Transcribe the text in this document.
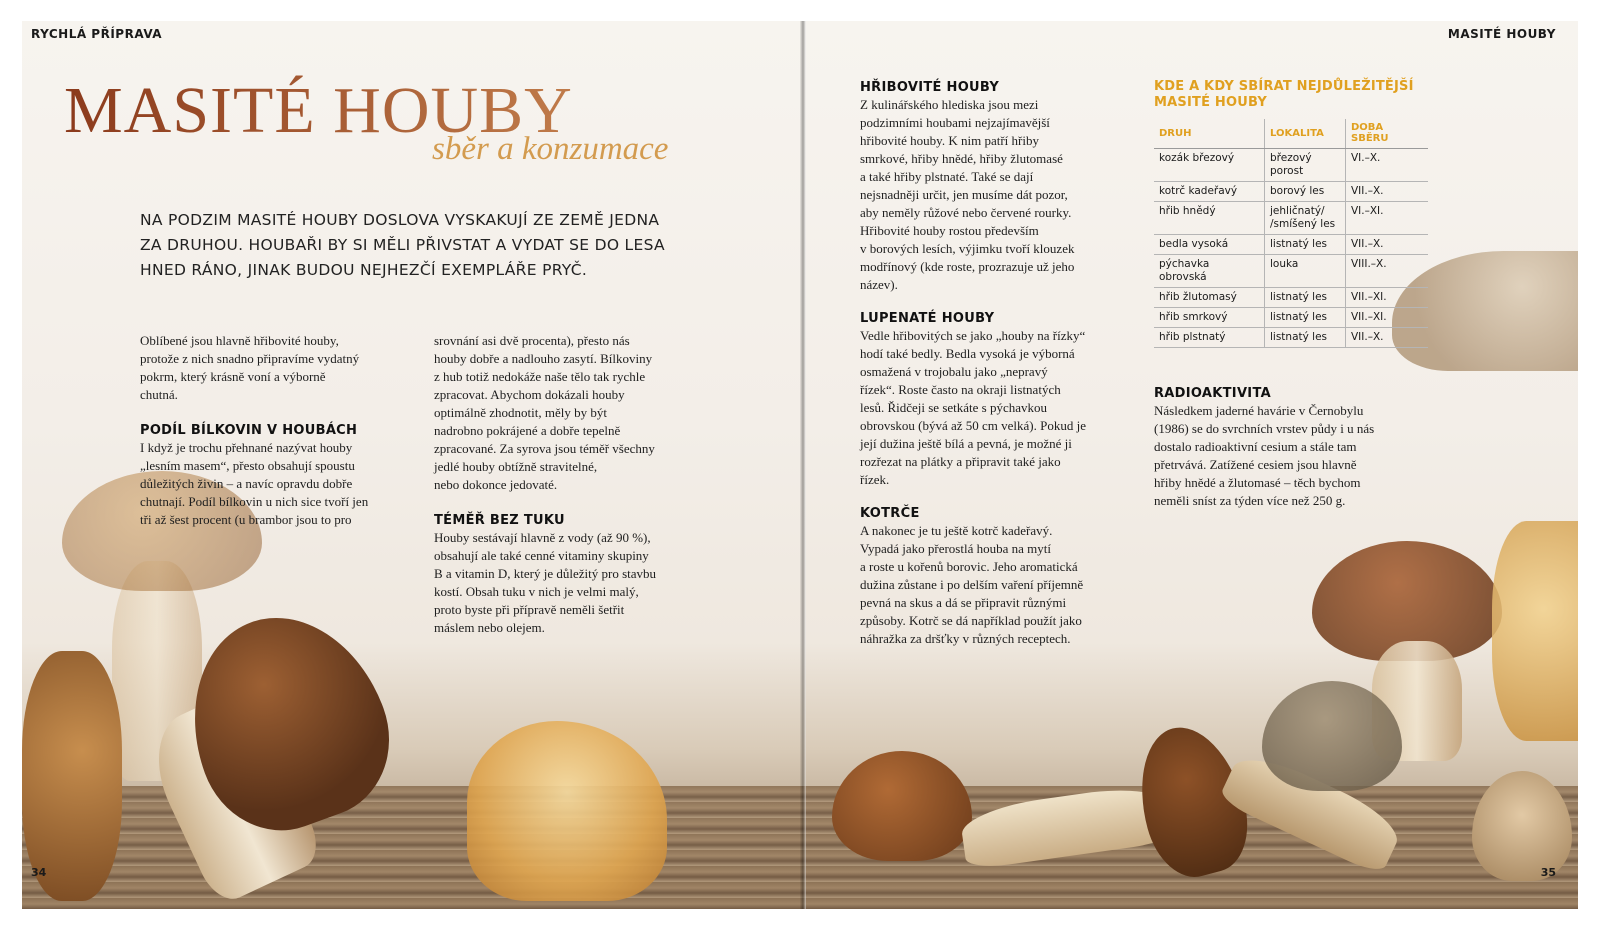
RYCHLÁ PŘÍPRAVA	MASITÉ HOUBY
34	35
MASITÉ HOUBY
sběr a konzumace
NA PODZIM MASITÉ HOUBY DOSLOVA VYSKAKUJÍ ZE ZEMĚ JEDNA
ZA DRUHOU. HOUBAŘI BY SI MĚLI PŘIVSTAT A VYDAT SE DO LESA
HNED RÁNO, JINAK BUDOU NEJHEZČÍ EXEMPLÁŘE PRYČ.

Oblíbené jsou hlavně hřibovité houby,
protože z nich snadno připravíme vydatný
pokrm, který krásně voní a výborně
chutná.

PODÍL BÍLKOVIN V HOUBÁCH

I když je trochu přehnané nazývat houby
„lesním masem“, přesto obsahují spoustu
důležitých živin – a navíc opravdu dobře
chutnají. Podíl bílkovin u nich sice tvoří jen
tři až šest procent (u brambor jsou to pro

srovnání asi dvě procenta), přesto nás
houby dobře a nadlouho zasytí. Bílkoviny
z hub totiž nedokáže naše tělo tak rychle
zpracovat. Abychom dokázali houby
optimálně zhodnotit, měly by být
nadrobno pokrájené a dobře tepelně
zpracované. Za syrova jsou téměř všechny
jedlé houby obtížně stravitelné,
nebo dokonce jedovaté.

TÉMĚŘ BEZ TUKU

Houby sestávají hlavně z vody (až 90 %),
obsahují ale také cenné vitaminy skupiny
B a vitamin D, který je důležitý pro stavbu
kostí. Obsah tuku v nich je velmi malý,
proto byste při přípravě neměli šetřit
máslem nebo olejem.

HŘIBOVITÉ HOUBY

Z kulinářského hlediska jsou mezi
podzimními houbami nejzajímavější
hřibovité houby. K nim patří hřiby
smrkové, hřiby hnědé, hřiby žlutomasé
a také hřiby plstnaté. Také se dají
nejsnadněji určit, jen musíme dát pozor,
aby neměly růžové nebo červené rourky.
Hřibovité houby rostou především
v borových lesích, výjimku tvoří klouzek
modřínový (kde roste, prozrazuje už jeho
název).

LUPENATÉ HOUBY

Vedle hřibovitých se jako „houby na řízky“
hodí také bedly. Bedla vysoká je výborná
osmažená v trojobalu jako „nepravý
řízek“. Roste často na okraji listnatých
lesů. Řidčeji se setkáte s pýchavkou
obrovskou (bývá až 50 cm velká). Pokud je
její dužina ještě bílá a pevná, je možné ji
rozřezat na plátky a připravit také jako
řízek.

KOTRČE

A nakonec je tu ještě kotrč kadeřavý.
Vypadá jako přerostlá houba na mytí
a roste u kořenů borovic. Jeho aromatická
dužina zůstane i po delším vaření příjemně
pevná na skus a dá se připravit různými
způsoby. Kotrč se dá například použít jako
náhražka za dršťky v různých receptech.

KDE A KDY SBÍRAT NEJDŮLEŽITĚJŠÍ MASITÉ HOUBY
DRUH	LOKALITA	DOBA SBĚRU
kozák březový	březový porost	VI.–X.
kotrč kadeřavý	borový les	VII.–X.
hřib hnědý	jehličnatý/ /smíšený les	VI.–XI.
bedla vysoká	listnatý les	VII.–X.
pýchavka obrovská	louka	VIII.–X.
hřib žlutomasý	listnatý les	VII.–XI.
hřib smrkový	listnatý les	VII.–XI.
hřib plstnatý	listnatý les	VII.–X.
RADIOAKTIVITA

Následkem jaderné havárie v Černobylu
(1986) se do svrchních vrstev půdy i u nás
dostalo radioaktivní cesium a stále tam
přetrvává. Zatížené cesiem jsou hlavně
hřiby hnědé a žlutomasé – těch bychom
neměli sníst za týden více než 250 g.
